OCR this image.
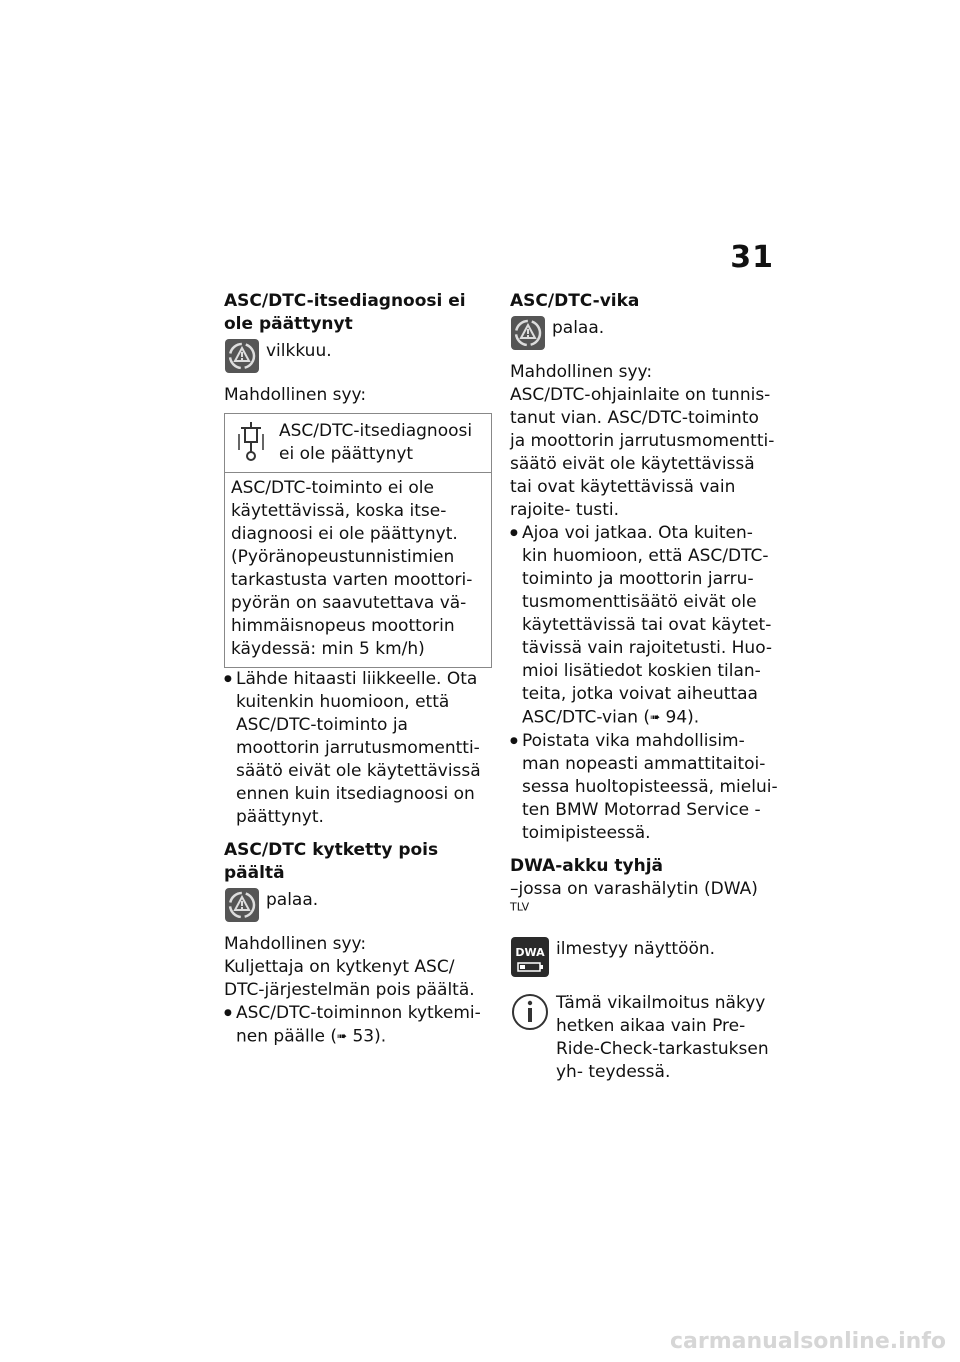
31
ASC/DTC-itsediagnoosi ei ole päättynyt
vilkkuu.

Mahdollinen syy:

ASC/DTC-itsediagnoosi ei ole päättynyt
ASC/DTC-toiminto ei ole käytettävissä, koska itse- diagnoosi ei ole päättynyt. (Pyöränopeustunnistimien tarkastusta varten moottori- pyörän on saavutettava vä- himmäisnopeus moottorin käydessä: min 5 km/h)
● Lähde hitaasti liikkeelle. Ota kuitenkin huomioon, että ASC/DTC-toiminto ja moottorin jarrutusmomentti- säätö eivät ole käytettävissä ennen kuin itsediagnoosi on päättynyt.
ASC/DTC kytketty pois päältä
palaa.

Mahdollinen syy:

Kuljettaja on kytkenyt ASC/ DTC-järjestelmän pois päältä.

● ASC/DTC-toiminnon kytkemi- nen päälle (➠ 53).
ASC/DTC-vika
palaa.

Mahdollinen syy:

ASC/DTC-ohjainlaite on tunnis- tanut vian. ASC/DTC-toiminto ja moottorin jarrutusmomentti- säätö eivät ole käytettävissä tai ovat käytettävissä vain rajoite- tusti.

● Ajoa voi jatkaa. Ota kuiten- kin huomioon, että ASC/DTC- toiminto ja moottorin jarru- tusmomenttisäätö eivät ole käytettävissä tai ovat käytet- tävissä vain rajoitetusti. Huo- mioi lisätiedot koskien tilan- teita, jotka voivat aiheuttaa ASC/DTC-vian (➠ 94).
● Poistata vika mahdollisim- man nopeasti ammattitaitoi- sessa huoltopisteessä, mielui- ten BMW Motorrad Service -toimipisteessä.
DWA-akku tyhjä

–jossa on varashälytin (DWA) $^{TLV}$

DWA ilmestyy näyttöön.
Tämä vikailmoitus näkyy hetken aikaa vain Pre- Ride-Check-tarkastuksen yh- teydessä.
carmanualsonline.info
